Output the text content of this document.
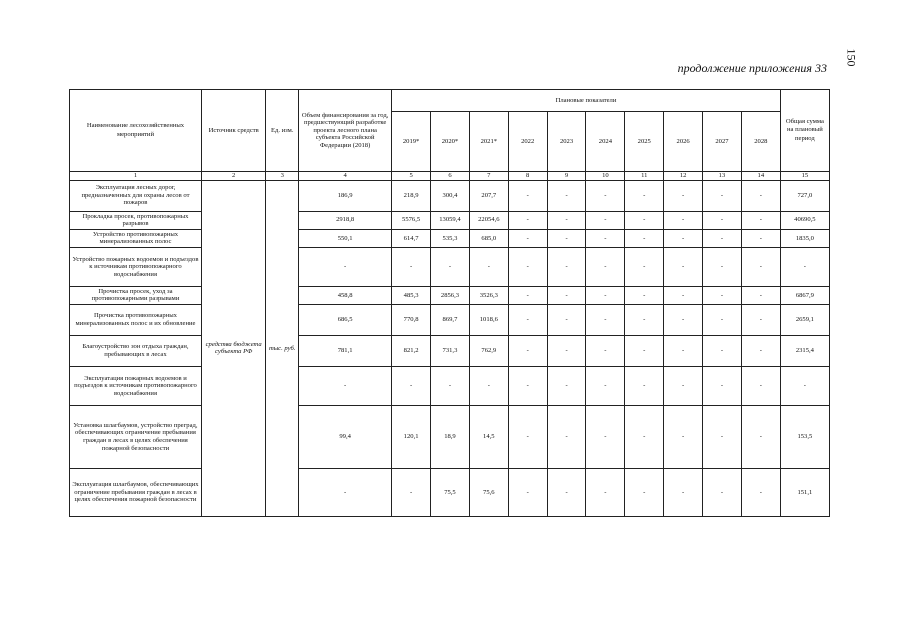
150
продолжение приложения 33
Наименование лесохозяйственных мероприятий	Источник средств	Ед. изм.	Объем финансирования за год, предшествующий разработке проекта лесного плана субъекта Российской Федерации (2018)	Плановые показатели										Общая сумма на плановый период
				2019*	2020*	2021*	2022	2023	2024	2025	2026	2027	2028	
1	2	3	4	5	6	7	8	9	10	11	12	13	14	15
Эксплуатация лесных дорог, предназначенных для охраны лесов от пожаров	средства бюджета субъекта РФ	тыс. руб.	186,9	218,9	300,4	207,7	-	-	-	-	-	-	-	727,0
Прокладка просек, противопожарных разрывов			2918,8	5576,5	13059,4	22054,6	-	-	-	-	-	-	-	40690,5
Устройство противопожарных минерализованных полос			550,1	614,7	535,3	685,0	-	-	-	-	-	-	-	1835,0
Устройство пожарных водоемов и подъездов к источникам противопожарного водоснабжения			-	-	-	-	-	-	-	-	-	-	-	-
Прочистка просек, уход за противопожарными разрывами			458,8	485,3	2856,3	3526,3	-	-	-	-	-	-	-	6867,9
Прочистка противопожарных минерализованных полос и их обновление			686,5	770,8	869,7	1018,6	-	-	-	-	-	-	-	2659,1
Благоустройство зон отдыха граждан, пребывающих в лесах			781,1	821,2	731,3	762,9	-	-	-	-	-	-	-	2315,4
Эксплуатация пожарных водоемов и подъездов к источникам противопожарного водоснабжения			-	-	-	-	-	-	-	-	-	-	-	-
Установка шлагбаумов, устройство преград, обеспечивающих ограничение пребывания граждан в лесах в целях обеспечения пожарной безопасности			99,4	120,1	18,9	14,5	-	-	-	-	-	-	-	153,5
Эксплуатация шлагбаумов, обеспечивающих ограничение пребывания граждан в лесах в целях обеспечения пожарной безопасности			-	-	75,5	75,6	-	-	-	-	-	-	-	151,1
